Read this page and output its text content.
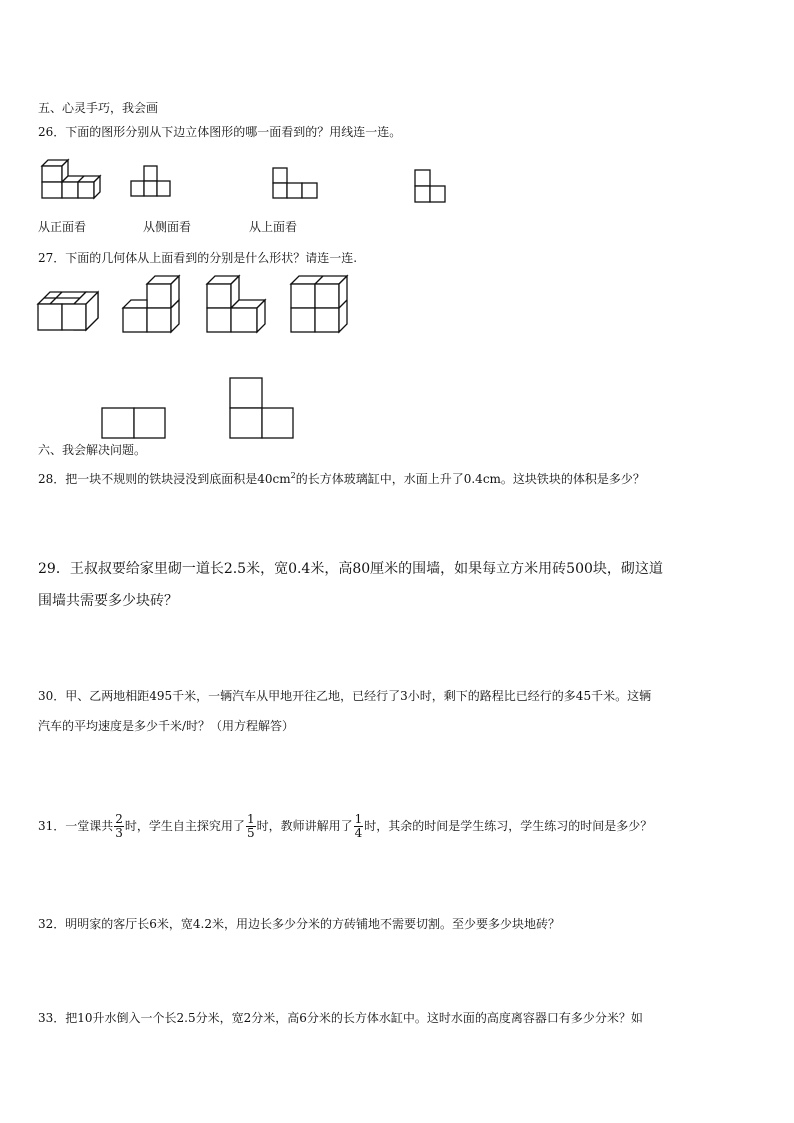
五、心灵手巧，我会画
26．下面的图形分别从下边立体图形的哪一面看到的？用线连一连。
从正面看	从侧面看	从上面看
27．下面的几何体从上面看到的分别是什么形状？请连一连.
六、我会解决问题。
28．把一块不规则的铁块浸没到底面积是$40cm^2$的长方体玻璃缸中，水面上升了0.4cm。这块铁块的体积是多少？
29．王叔叔要给家里砌一道长2.5米，宽0.4米，高80厘米的围墙，如果每立方米用砖500块，砌这道
围墙共需要多少块砖？
30．甲、乙两地相距495千米，一辆汽车从甲地开往乙地，已经行了3小时，剩下的路程比已经行的多45千米。这辆
汽车的平均速度是多少千米/时？（用方程解答）
31．一堂课共 $\frac{2}{3}$ 时，学生自主探究用了 $\frac{1}{5}$ 时，教师讲解用了 $\frac{1}{4}$ 时，其余的时间是学生练习，学生练习的时间是多少？
32．明明家的客厅长6米，宽4.2米，用边长多少分米的方砖铺地不需要切割。至少要多少块地砖？
33．把10升水倒入一个长2.5分米，宽2分米，高6分米的长方体水缸中。这时水面的高度离容器口有多少分米？如
